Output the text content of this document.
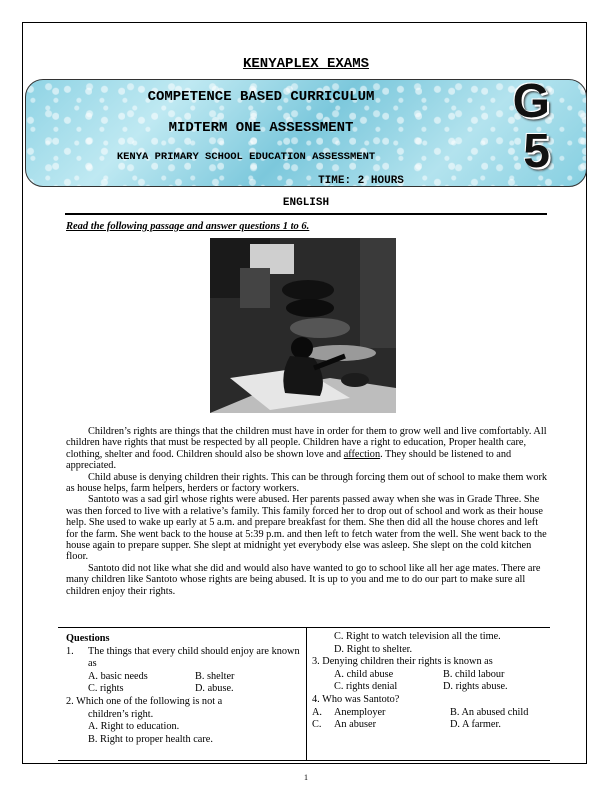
KENYAPLEX EXAMS
COMPETENCE BASED CURRICULUM
MIDTERM ONE ASSESSMENT
KENYA PRIMARY SCHOOL EDUCATION ASSESSMENT
TIME: 2 HOURS
G
5
ENGLISH
Read the following passage and answer questions 1 to 6.

Children’s rights are things that the children must have in order for them to grow well and live comfortably. All children have rights that must be respected by all people. Children have a right to education, Proper health care, clothing, shelter and food. Children should also be shown love and affection. They should be listened to and appreciated.

Child abuse is denying children their rights. This can be through forcing them out of school to make them work as house helps, farm helpers, herders or factory workers.

Santoto was a sad girl whose rights were abused. Her parents passed away when she was in Grade Three. She was then forced to live with a relative’s family. This family forced her to drop out of school and work as their house help. She used to wake up early at 5 a.m. and prepare breakfast for them. She then did all the house chores and left for the farm. She went back to the house at 5:39 p.m. and then left to fetch water from the well. She went back to the house again to prepare supper. She slept at midnight yet everybody else was asleep. She slept on the cold kitchen floor.

Santoto did not like what she did and would also have wanted to go to school like all her age mates. There are many children like Santoto whose rights are being abused. It is up to you and me to do our part to make sure all children enjoy their rights.

Questions
1.	The things that every child should enjoy are known as
A. basic needs	B. shelter
C. rights	D. abuse.
2. Which one of the following is not a children’s right.
A. Right to education.
B. Right to proper health care.
C. Right to watch television all the time.
D. Right to shelter.
3. Denying children their rights is known as
A. child abuse	B. child labour
C. rights denial	D. rights abuse.
4. Who was Santoto?
A.	Anemployer	B. An abused child
C.	An abuser	D. A farmer.
1
